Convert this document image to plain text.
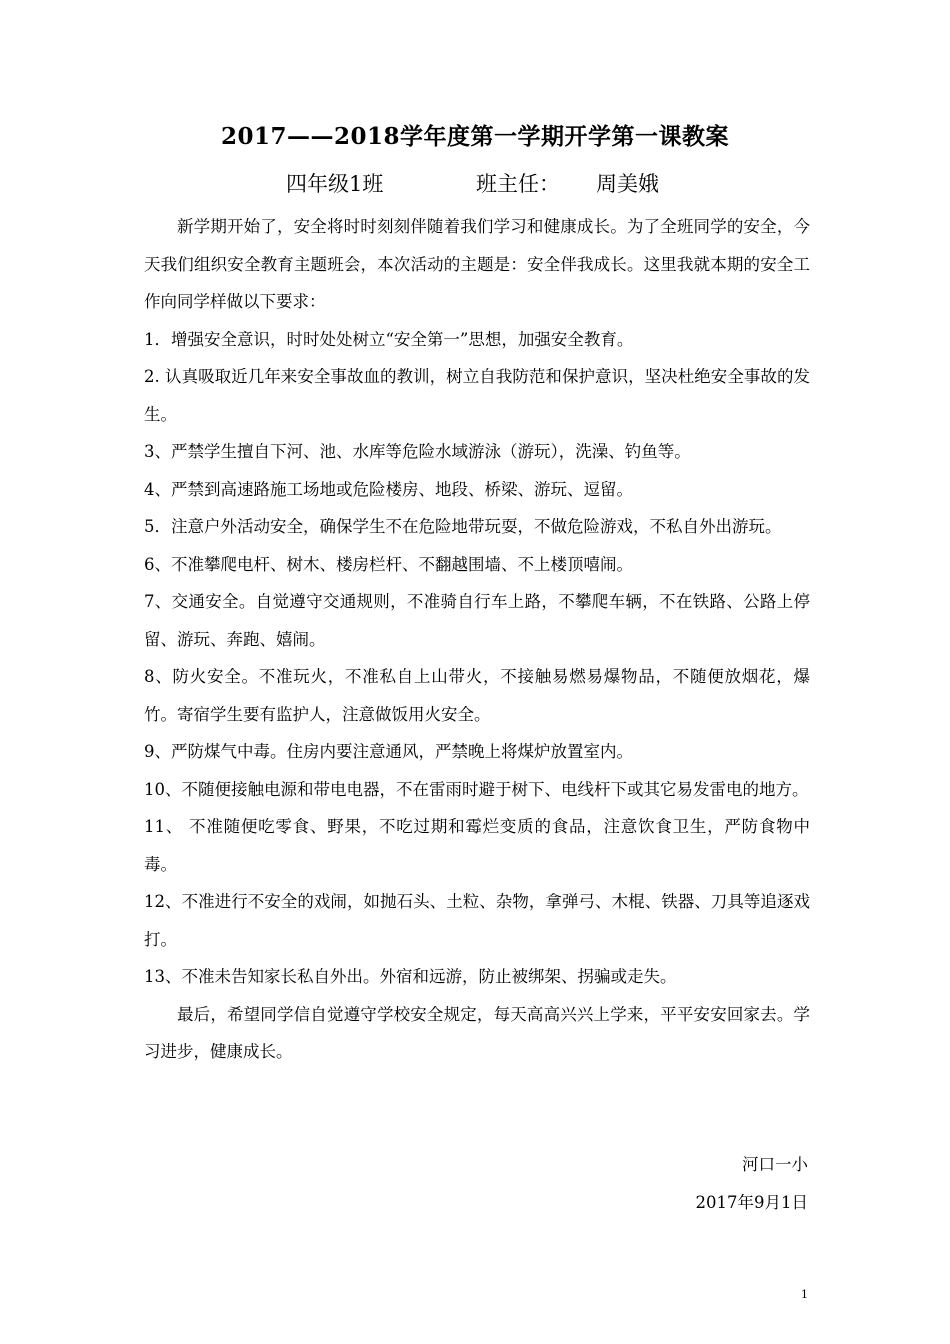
2017——2018学年度第一学期开学第一课教案
四年级1班	班主任： 周美娥

新学期开始了，安全将时时刻刻伴随着我们学习和健康成长。为了全班同学的安全，今天我们组织安全教育主题班会，本次活动的主题是：安全伴我成长。这里我就本期的安全工作向同学样做以下要求：

1．增强安全意识，时时处处树立“安全第一”思想，加强安全教育。

2. 认真吸取近几年来安全事故血的教训，树立自我防范和保护意识，坚决杜绝安全事故的发生。

3、严禁学生擅自下河、池、水库等危险水域游泳（游玩），洗澡、钓鱼等。

4、严禁到高速路施工场地或危险楼房、地段、桥梁、游玩、逗留。

5．注意户外活动安全，确保学生不在危险地带玩耍，不做危险游戏，不私自外出游玩。

6、不准攀爬电杆、树木、楼房栏杆、不翻越围墙、不上楼顶嘻闹。

7、交通安全。自觉遵守交通规则，不准骑自行车上路，不攀爬车辆，不在铁路、公路上停留、游玩、奔跑、嬉闹。

8、防火安全。不准玩火，不准私自上山带火，不接触易燃易爆物品，不随便放烟花，爆竹。寄宿学生要有监护人，注意做饭用火安全。

9、严防煤气中毒。住房内要注意通风，严禁晚上将煤炉放置室内。

10、不随便接触电源和带电电器，不在雷雨时避于树下、电线杆下或其它易发雷电的地方。

11、 不准随便吃零食、野果，不吃过期和霉烂变质的食品，注意饮食卫生，严防食物中毒。

12、不准进行不安全的戏闹，如抛石头、土粒、杂物，拿弹弓、木棍、铁器、刀具等追逐戏打。

13、不准未告知家长私自外出。外宿和远游，防止被绑架、拐骗或走失。

最后，希望同学信自觉遵守学校安全规定，每天高高兴兴上学来，平平安安回家去。学习进步，健康成长。

河口一小
2017年9月1日
1
